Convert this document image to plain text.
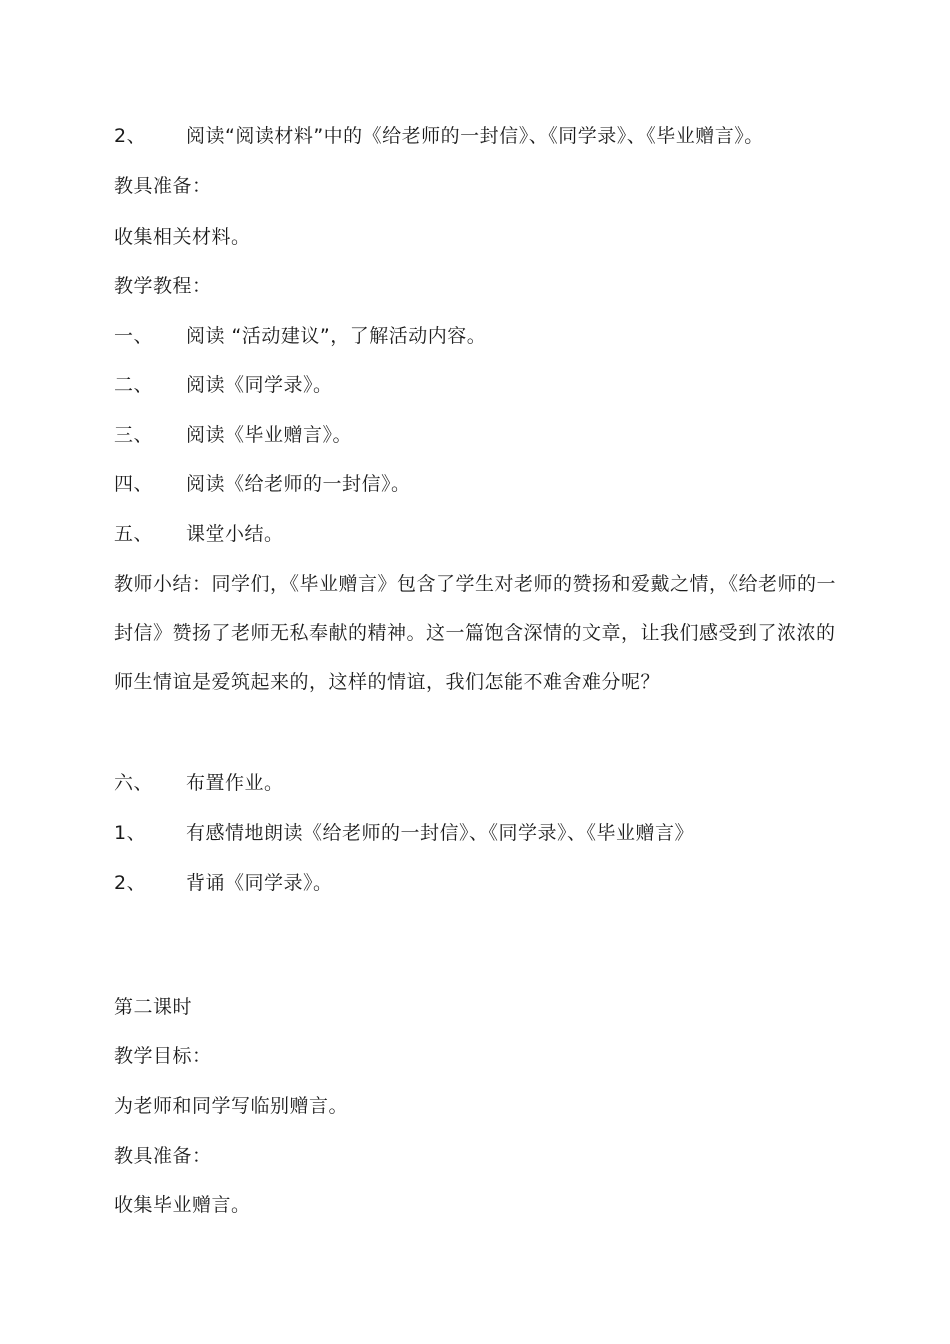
2、 阅读“阅读材料”中的《给老师的一封信》、《同学录》、《毕业赠言》。
教具准备：
收集相关材料。
教学教程：
一、 阅读 “活动建议”，了解活动内容。
二、 阅读《同学录》。
三、 阅读《毕业赠言》。
四、 阅读《给老师的一封信》。
五、 课堂小结。
教师小结：同学们，《毕业赠言》包含了学生对老师的赞扬和爱戴之情，《给老师的一封信》赞扬了老师无私奉献的精神。这一篇饱含深情的文章，让我们感受到了浓浓的师生情谊是爱筑起来的，这样的情谊，我们怎能不难舍难分呢？
六、 布置作业。
1、 有感情地朗读《给老师的一封信》、《同学录》、《毕业赠言》
2、 背诵《同学录》。
第二课时
教学目标：
为老师和同学写临别赠言。
教具准备：
收集毕业赠言。
